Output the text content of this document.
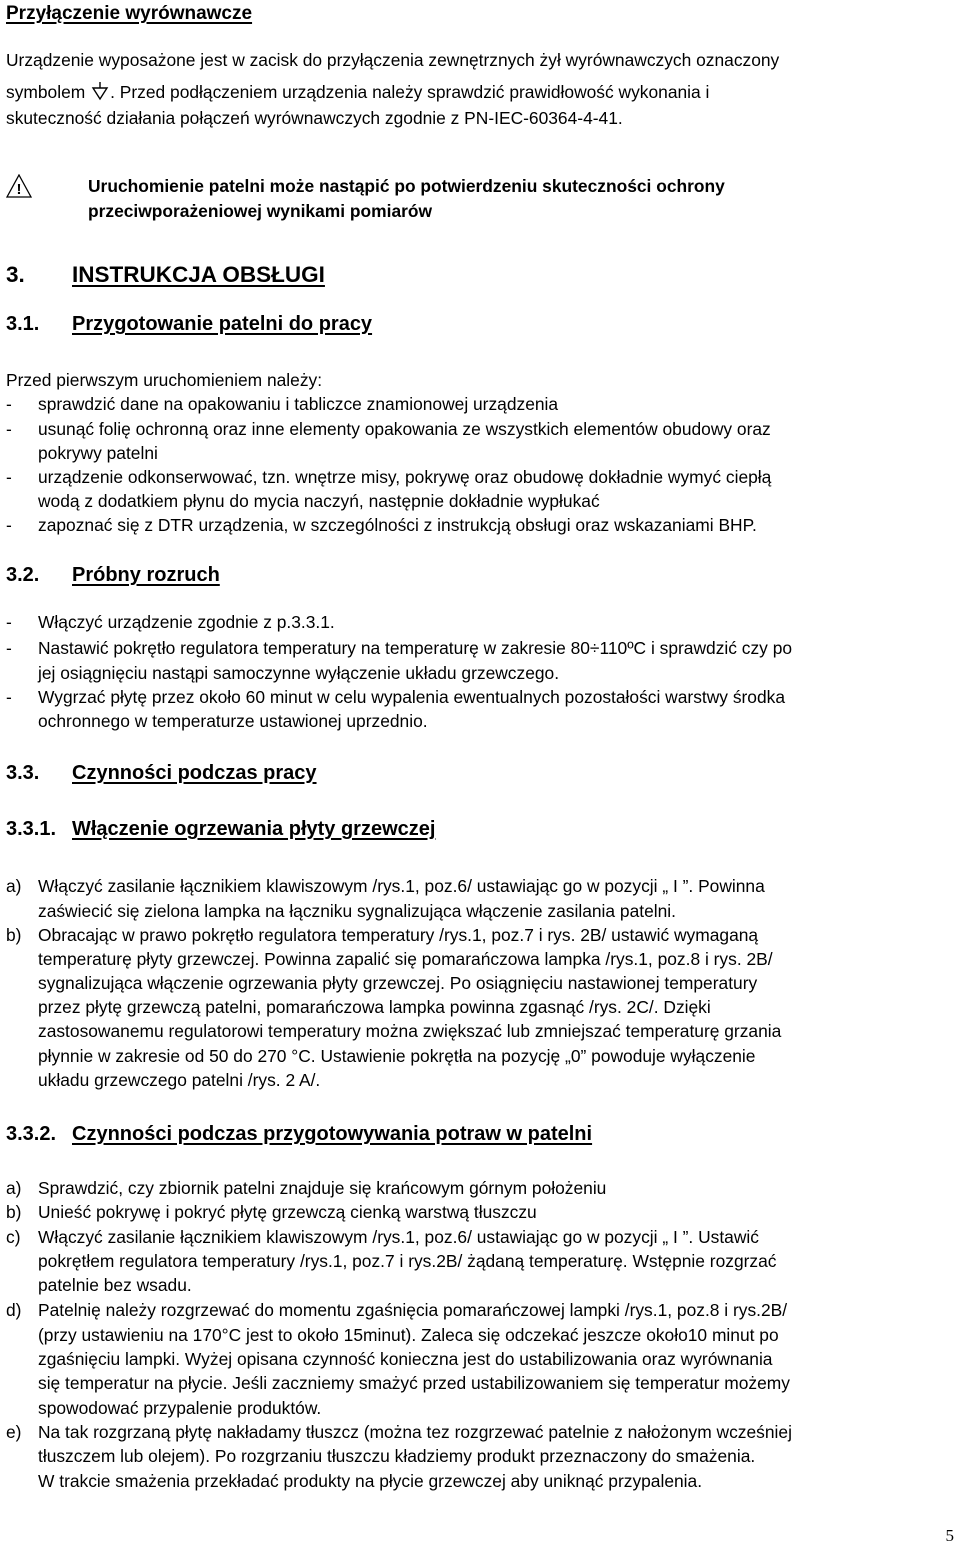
Przyłączenie wyrównawcze
Urządzenie wyposażone jest w zacisk do przyłączenia zewnętrznych żył wyrównawczych oznaczony
symbolem . Przed podłączeniem urządzenia należy sprawdzić prawidłowość wykonania i
skuteczność działania połączeń wyrównawczych zgodnie z PN-IEC-60364-4-41.
!	Uruchomienie patelni może nastąpić po potwierdzeniu skuteczności ochrony
przeciwporażeniowej wynikami pomiarów
3. INSTRUKCJA OBSŁUGI
3.1. Przygotowanie patelni do pracy
Przed pierwszym uruchomieniem należy:
- sprawdzić dane na opakowaniu i tabliczce znamionowej urządzenia
- usunąć folię ochronną oraz inne elementy opakowania ze wszystkich elementów obudowy oraz
pokrywy patelni
- urządzenie odkonserwować, tzn. wnętrze misy, pokrywę oraz obudowę dokładnie wymyć ciepłą
wodą z dodatkiem płynu do mycia naczyń, następnie dokładnie wypłukać
- zapoznać się z DTR urządzenia, w szczególności z instrukcją obsługi oraz wskazaniami BHP.
3.2. Próbny rozruch
- Włączyć urządzenie zgodnie z p.3.3.1.
- Nastawić pokrętło regulatora temperatury na temperaturę w zakresie 80÷110ºC i sprawdzić czy po
jej osiągnięciu nastąpi samoczynne wyłączenie układu grzewczego.
- Wygrzać płytę przez około 60 minut w celu wypalenia ewentualnych pozostałości warstwy środka
ochronnego w temperaturze ustawionej uprzednio.
3.3. Czynności podczas pracy
3.3.1. Włączenie ogrzewania płyty grzewczej
a) Włączyć zasilanie łącznikiem klawiszowym /rys.1, poz.6/ ustawiając go w pozycji „ I ”. Powinna
zaświecić się zielona lampka na łączniku sygnalizująca włączenie zasilania patelni.
b) Obracając w prawo pokrętło regulatora temperatury /rys.1, poz.7 i rys. 2B/ ustawić wymaganą
temperaturę płyty grzewczej. Powinna zapalić się pomarańczowa lampka /rys.1, poz.8 i rys. 2B/
sygnalizująca włączenie ogrzewania płyty grzewczej. Po osiągnięciu nastawionej temperatury
przez płytę grzewczą patelni, pomarańczowa lampka powinna zgasnąć /rys. 2C/. Dzięki
zastosowanemu regulatorowi temperatury można zwiększać lub zmniejszać temperaturę grzania
płynnie w zakresie od 50 do 270 °C. Ustawienie pokrętła na pozycję „0” powoduje wyłączenie
układu grzewczego patelni /rys. 2 A/.
3.3.2. Czynności podczas przygotowywania potraw w patelni
a) Sprawdzić, czy zbiornik patelni znajduje się krańcowym górnym położeniu
b) Unieść pokrywę i pokryć płytę grzewczą cienką warstwą tłuszczu
c) Włączyć zasilanie łącznikiem klawiszowym /rys.1, poz.6/ ustawiając go w pozycji „ I ”. Ustawić
pokrętłem regulatora temperatury /rys.1, poz.7 i rys.2B/ żądaną temperaturę. Wstępnie rozgrzać
patelnie bez wsadu.
d) Patelnię należy rozgrzewać do momentu zgaśnięcia pomarańczowej lampki /rys.1, poz.8 i rys.2B/
(przy ustawieniu na 170°C jest to około 15minut). Zaleca się odczekać jeszcze około10 minut po
zgaśnięciu lampki. Wyżej opisana czynność konieczna jest do ustabilizowania oraz wyrównania
się temperatur na płycie. Jeśli zaczniemy smażyć przed ustabilizowaniem się temperatur możemy
spowodować przypalenie produktów.
e) Na tak rozgrzaną płytę nakładamy tłuszcz (można tez rozgrzewać patelnie z nałożonym wcześniej
tłuszczem lub olejem). Po rozgrzaniu tłuszczu kładziemy produkt przeznaczony do smażenia.
W trakcie smażenia przekładać produkty na płycie grzewczej aby uniknąć przypalenia.
5
